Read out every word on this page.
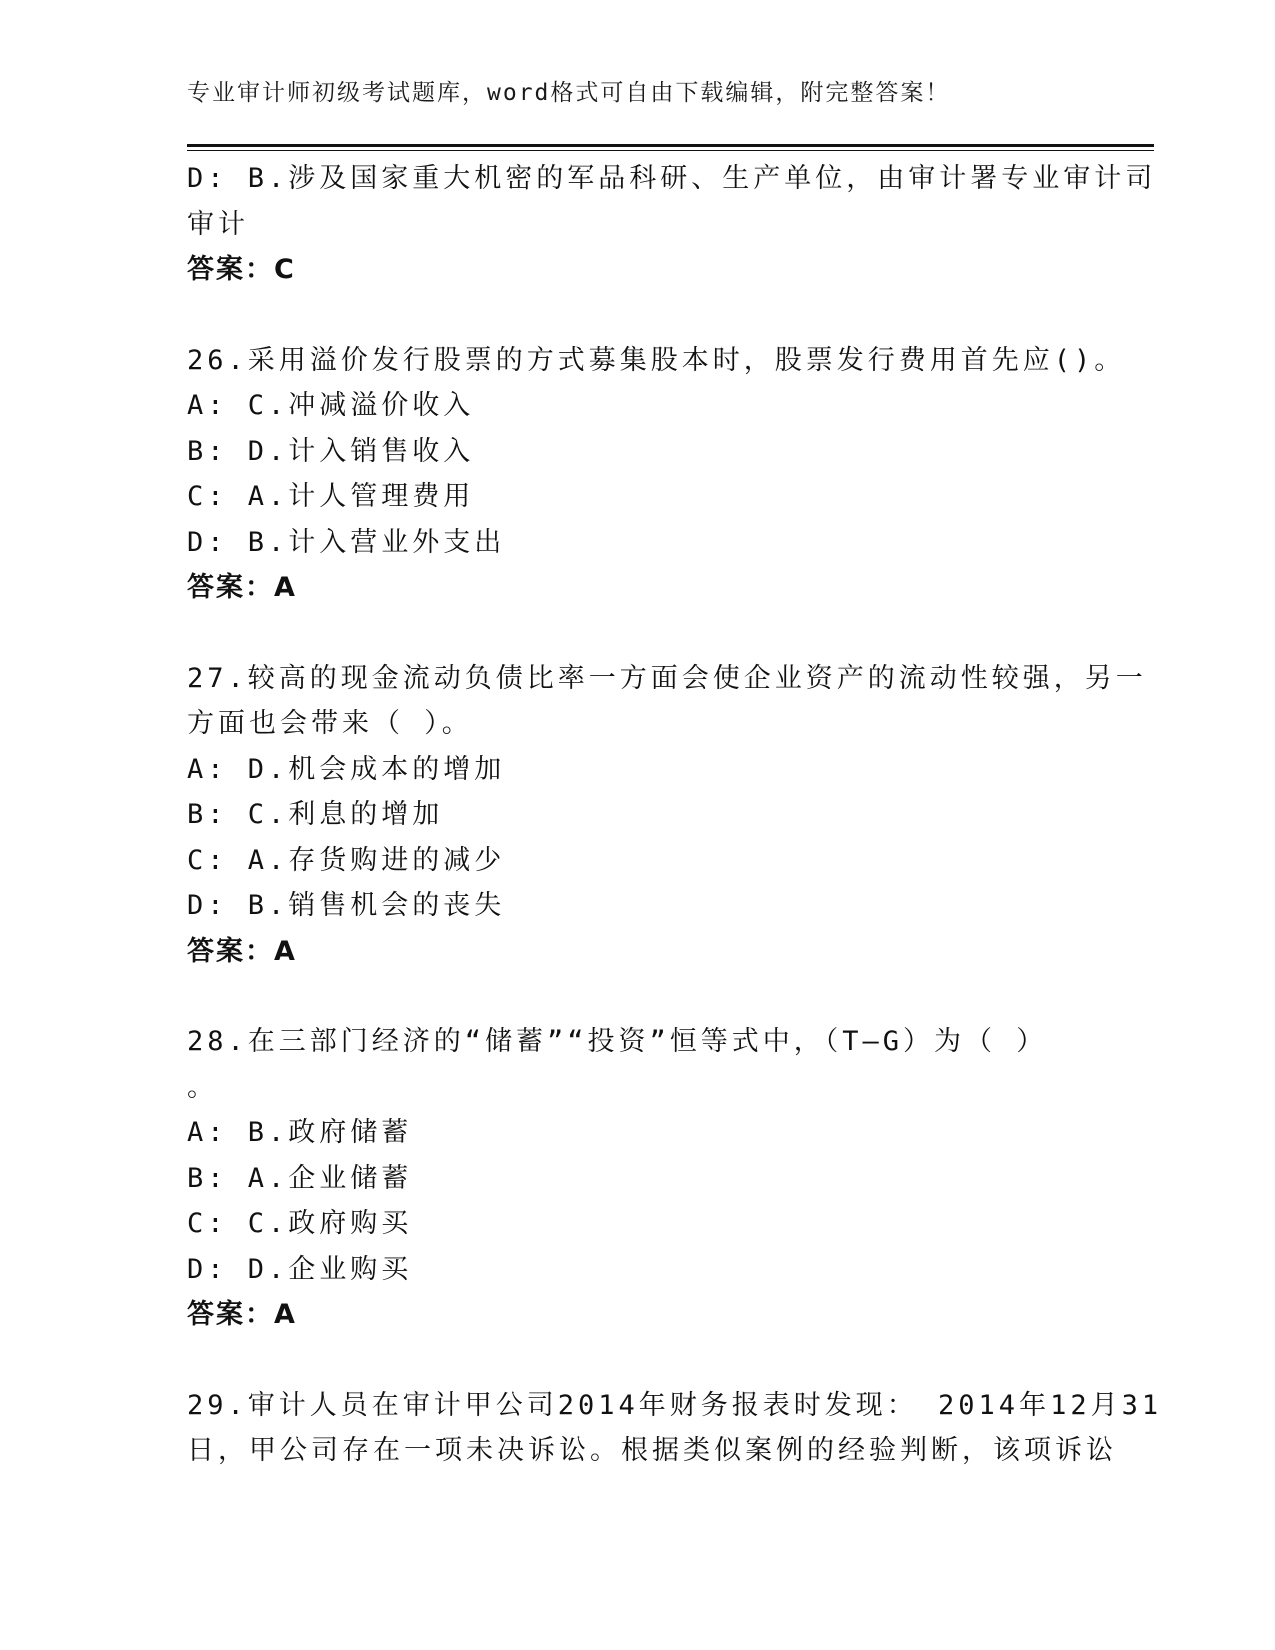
专业审计师初级考试题库，word格式可自由下载编辑，附完整答案！
D: B.涉及国家重大机密的军品科研、生产单位，由审计署专业审计司
审计
答案：C
26.采用溢价发行股票的方式募集股本时，股票发行费用首先应()。
A: C.冲减溢价收入
B: D.计入销售收入
C: A.计人管理费用
D: B.计入营业外支出
答案：A
27.较高的现金流动负债比率一方面会使企业资产的流动性较强，另一
方面也会带来（ ）。
A: D.机会成本的增加
B: C.利息的增加
C: A.存货购进的减少
D: B.销售机会的丧失
答案：A
28.在三部门经济的“储蓄”“投资”恒等式中，（T—G）为（ ）
。
A: B.政府储蓄
B: A.企业储蓄
C: C.政府购买
D: D.企业购买
答案：A
29.审计人员在审计甲公司2014年财务报表时发现： 2014年12月31
日，甲公司存在一项未决诉讼。根据类似案例的经验判断，该项诉讼
